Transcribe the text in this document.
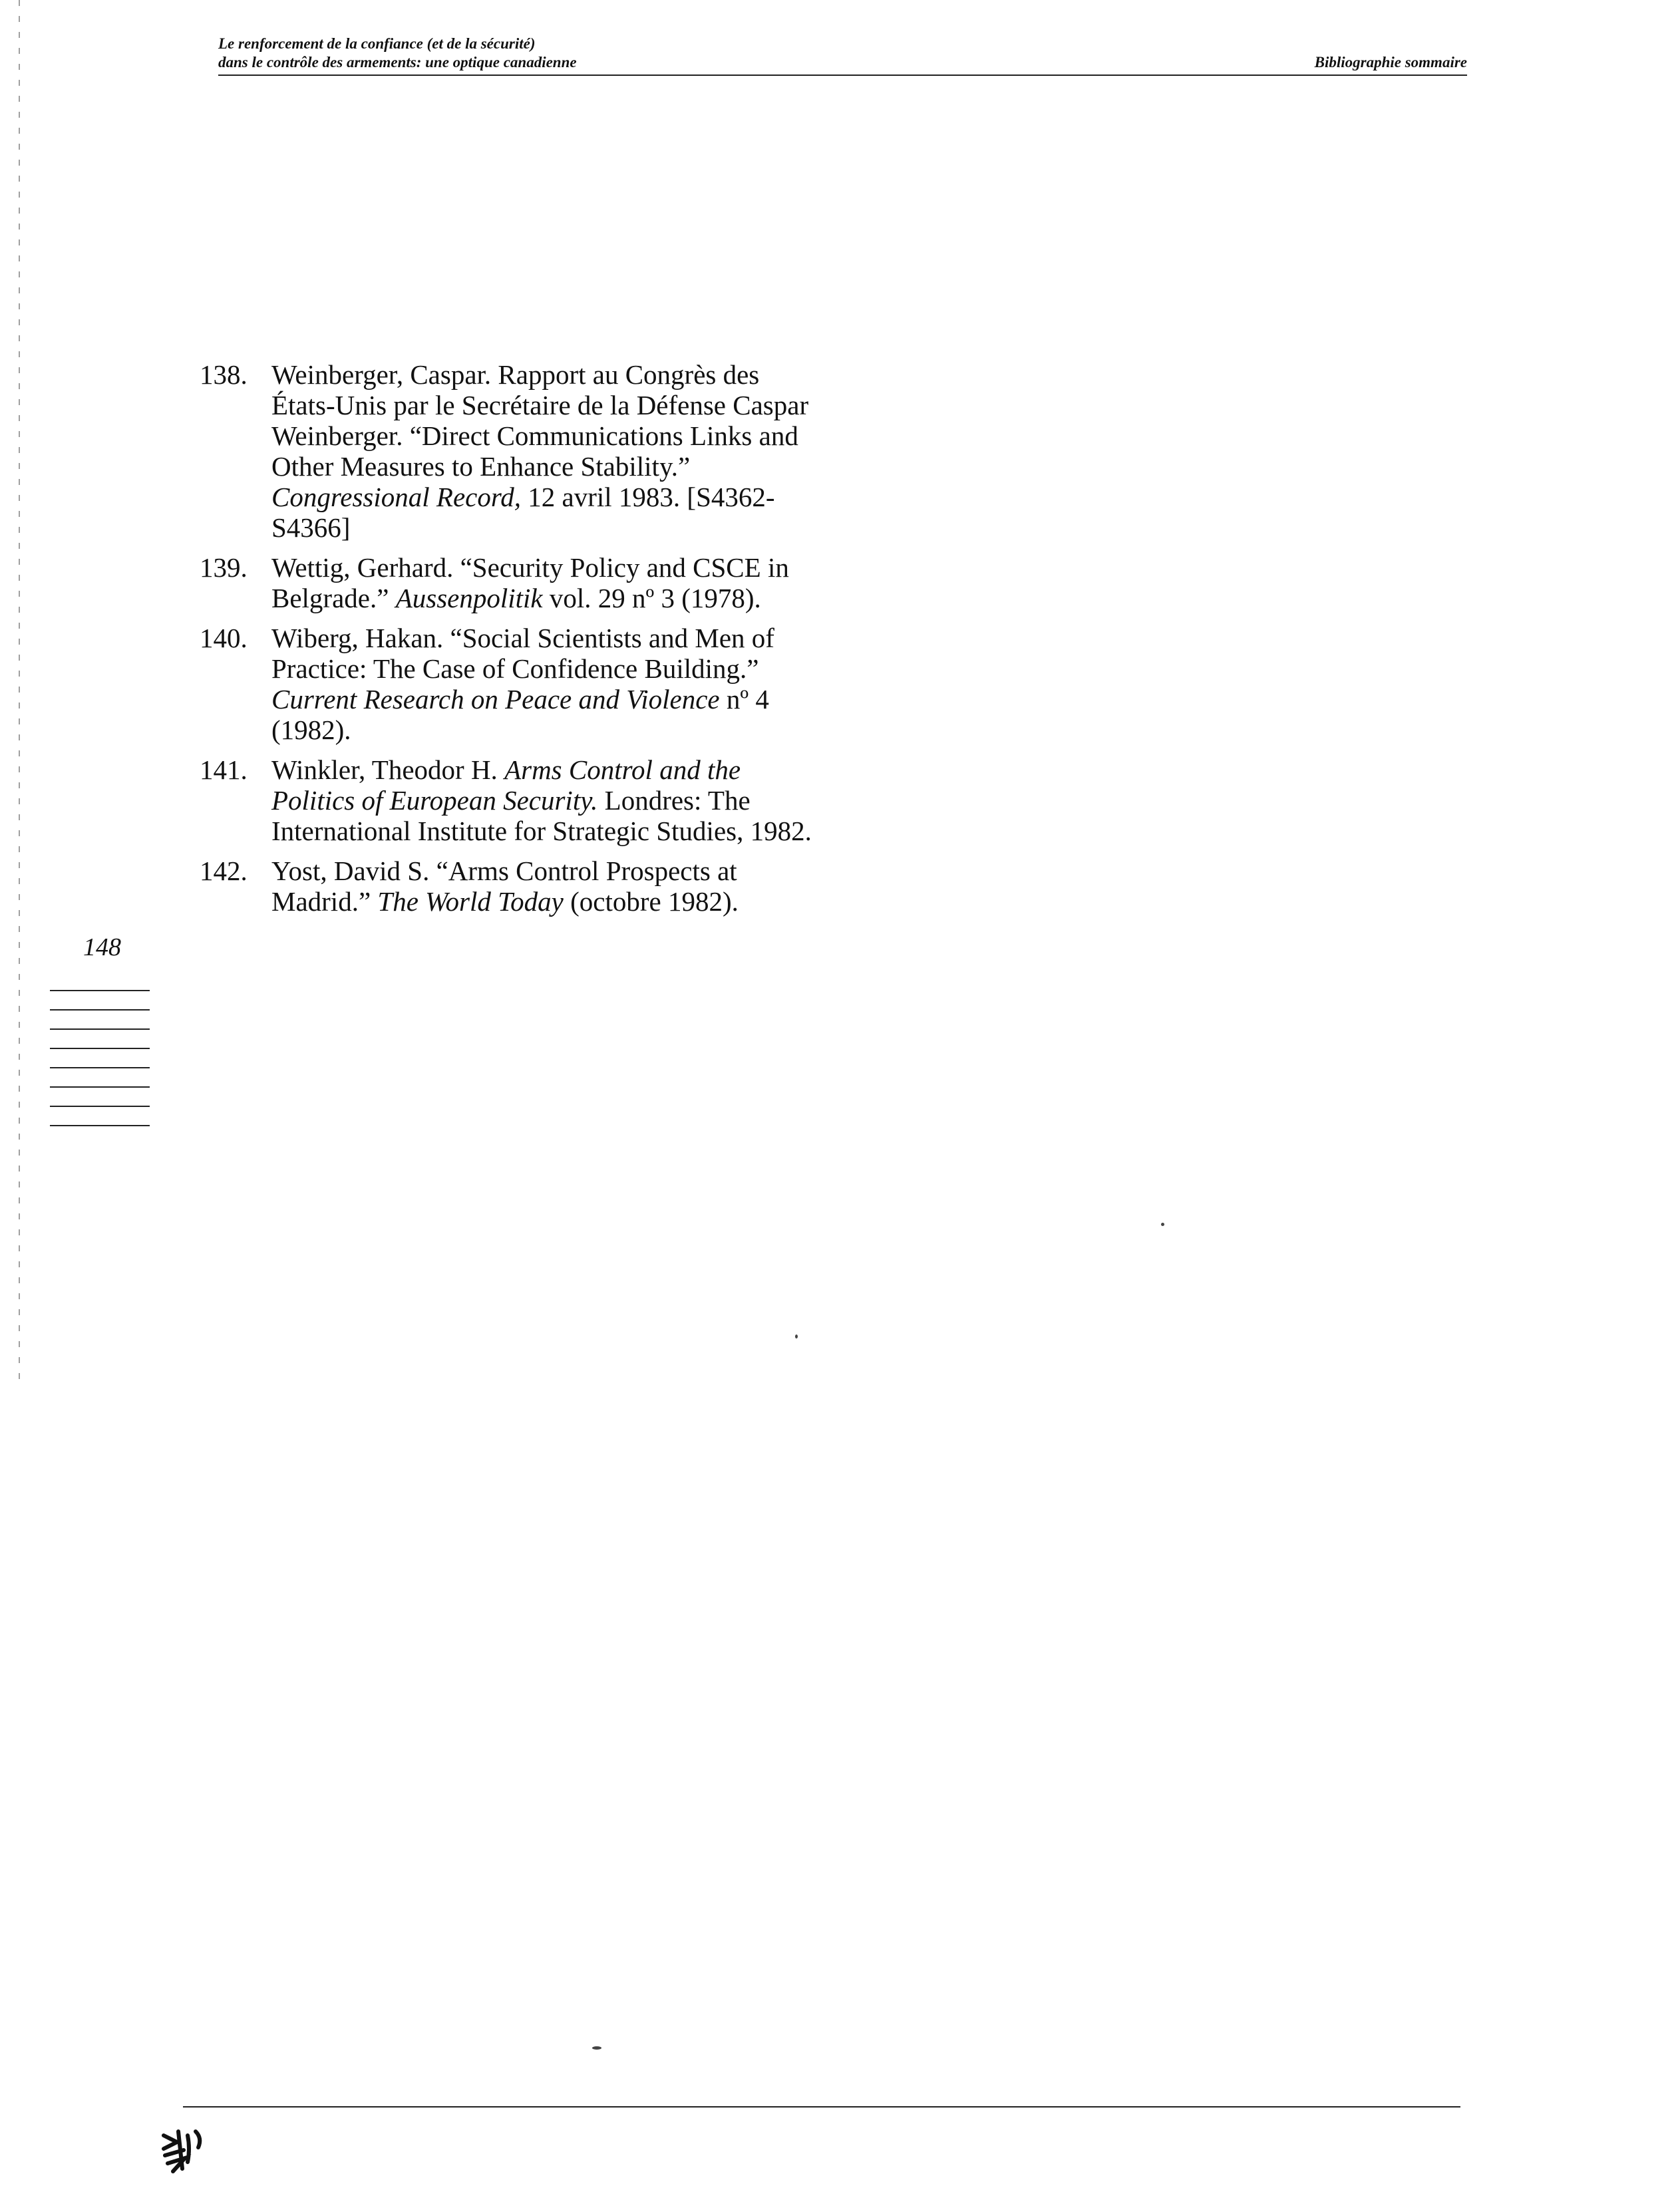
Le renforcement de la confiance (et de la sécurité)
dans le contrôle des armements: une optique canadienne	Bibliographie sommaire
148
138. Weinberger, Caspar. Rapport au Congrès des États-Unis par le Secrétaire de la Défense Caspar Weinberger. “Direct Communications Links and Other Measures to Enhance Stability.” Congressional Record, 12 avril 1983. [S4362-S4366]
139. Wettig, Gerhard. “Security Policy and CSCE in Belgrade.” Aussenpolitik vol. 29 nº 3 (1978).
140. Wiberg, Hakan. “Social Scientists and Men of Practice: The Case of Confidence Building.” Current Research on Peace and Violence nº 4 (1982).
141. Winkler, Theodor H. Arms Control and the Politics of European Security. Londres: The International Institute for Strategic Studies, 1982.
142. Yost, David S. “Arms Control Prospects at Madrid.” The World Today (octobre 1982).
